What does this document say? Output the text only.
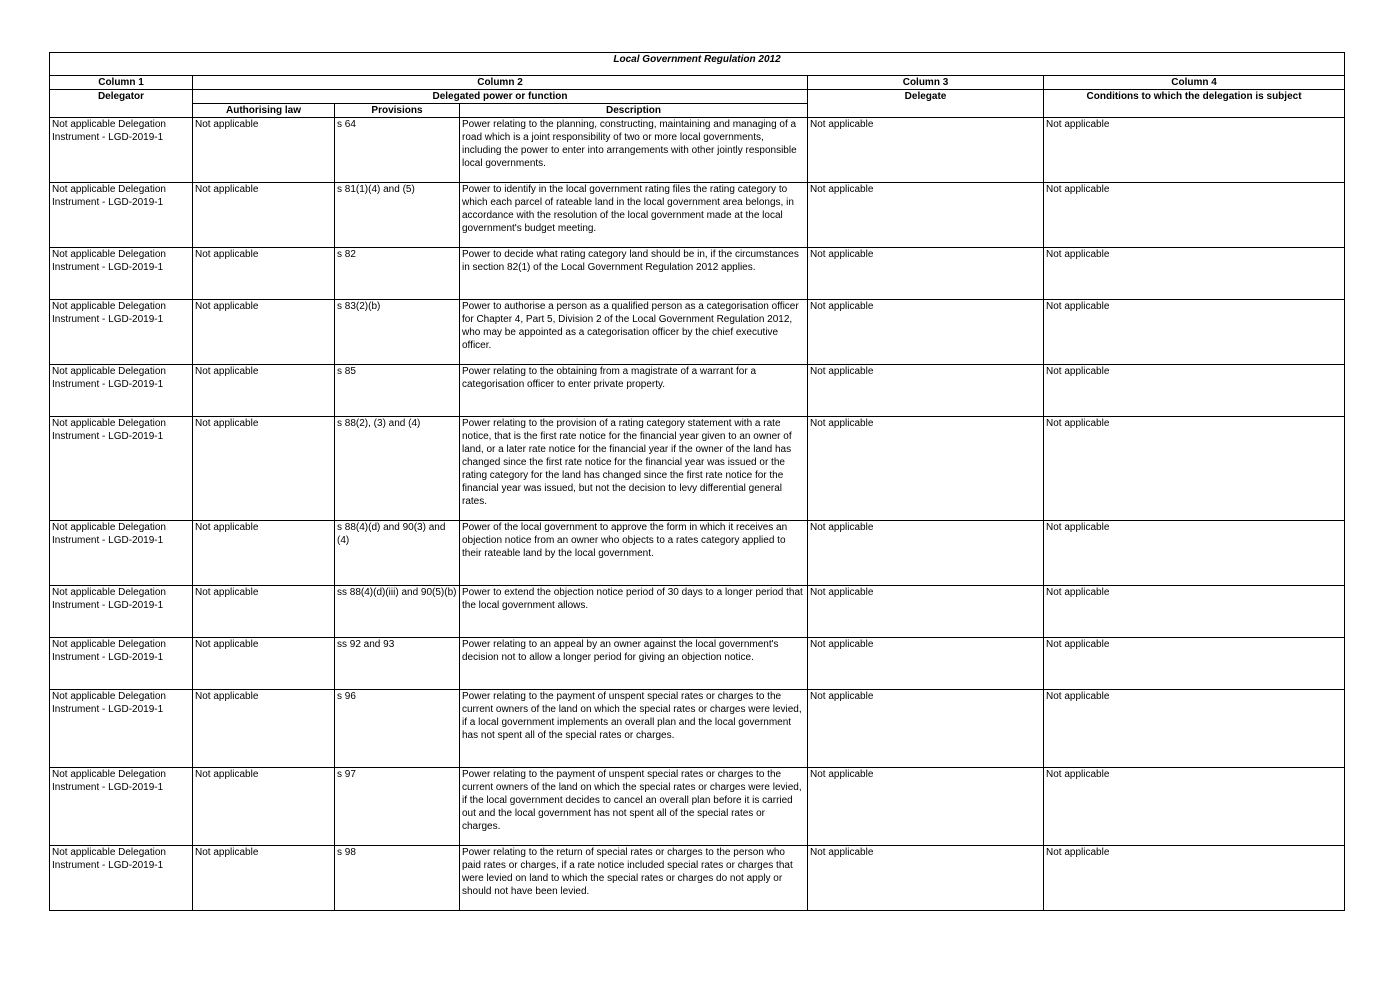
Local Government Regulation 2012					
Column 1	Column 2			Column 3	Column 4
Delegator	Delegated power or function			Delegate	Conditions to which the delegation is subject
	Authorising law	Provisions	Description		
Not applicable Delegation Instrument - LGD-2019-1	Not applicable	s 64	Power relating to the planning, constructing, maintaining and managing of a road which is a joint responsibility of two or more local governments, including the power to enter into arrangements with other jointly responsible local governments.	Not applicable	Not applicable
Not applicable Delegation Instrument - LGD-2019-1	Not applicable	s 81(1)(4) and (5)	Power to identify in the local government rating files the rating category to which each parcel of rateable land in the local government area belongs, in accordance with the resolution of the local government made at the local government's budget meeting.	Not applicable	Not applicable
Not applicable Delegation Instrument - LGD-2019-1	Not applicable	s 82	Power to decide what rating category land should be in, if the circumstances in section 82(1) of the Local Government Regulation 2012 applies.	Not applicable	Not applicable
Not applicable Delegation Instrument - LGD-2019-1	Not applicable	s 83(2)(b)	Power to authorise a person as a qualified person as a categorisation officer for Chapter 4, Part 5, Division 2 of the Local Government Regulation 2012, who may be appointed as a categorisation officer by the chief executive officer.	Not applicable	Not applicable
Not applicable Delegation Instrument - LGD-2019-1	Not applicable	s 85	Power relating to the obtaining from a magistrate of a warrant for a categorisation officer to enter private property.	Not applicable	Not applicable
Not applicable Delegation Instrument - LGD-2019-1	Not applicable	s 88(2), (3) and (4)	Power relating to the provision of a rating category statement with a rate notice, that is the first rate notice for the financial year given to an owner of land, or a later rate notice for the financial year if the owner of the land has changed since the first rate notice for the financial year was issued or the rating category for the land has changed since the first rate notice for the financial year was issued, but not the decision to levy differential general rates.	Not applicable	Not applicable
Not applicable Delegation Instrument - LGD-2019-1	Not applicable	s 88(4)(d) and 90(3) and (4)	Power of the local government to approve the form in which it receives an objection notice from an owner who objects to a rates category applied to their rateable land by the local government.	Not applicable	Not applicable
Not applicable Delegation Instrument - LGD-2019-1	Not applicable	ss 88(4)(d)(iii) and 90(5)(b)	Power to extend the objection notice period of 30 days to a longer period that the local government allows.	Not applicable	Not applicable
Not applicable Delegation Instrument - LGD-2019-1	Not applicable	ss 92 and 93	Power relating to an appeal by an owner against the local government's decision not to allow a longer period for giving an objection notice.	Not applicable	Not applicable
Not applicable Delegation Instrument - LGD-2019-1	Not applicable	s 96	Power relating to the payment of unspent special rates or charges to the current owners of the land on which the special rates or charges were levied, if a local government implements an overall plan and the local government has not spent all of the special rates or charges.	Not applicable	Not applicable
Not applicable Delegation Instrument - LGD-2019-1	Not applicable	s 97	Power relating to the payment of unspent special rates or charges to the current owners of the land on which the special rates or charges were levied, if the local government decides to cancel an overall plan before it is carried out and the local government has not spent all of the special rates or charges.	Not applicable	Not applicable
Not applicable Delegation Instrument - LGD-2019-1	Not applicable	s 98	Power relating to the return of special rates or charges to the person who paid rates or charges, if a rate notice included special rates or charges that were levied on land to which the special rates or charges do not apply or should not have been levied.	Not applicable	Not applicable
